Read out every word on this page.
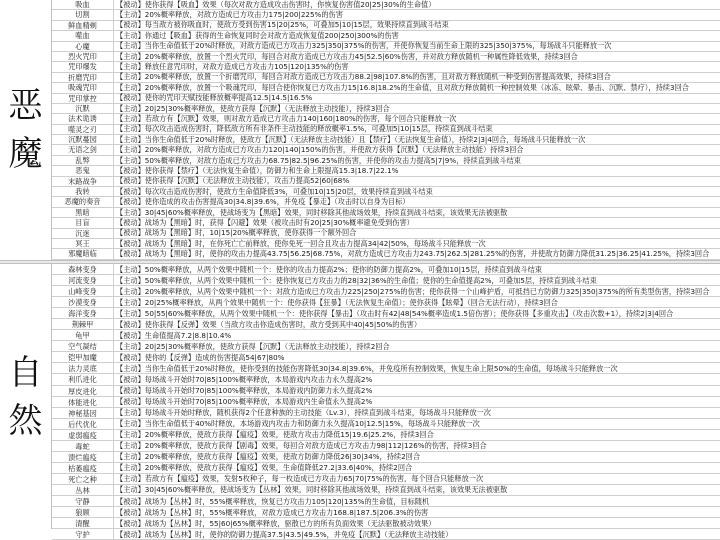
恶
魔
吸血	【被动】使你获得【吸血】效果（每次对敌方造成攻击伤害时，你恢复伤害值20|25|30%的生命值）
切割	【主动】20%概率释放，对敌方造成已方攻击力175|200|225%的伤害
鲜血精剃	【被动】每当敌方被你吸血时，使敌方受到伤害15|20|25%，可叠加5|10|15层，效果持续直到战斗结束
噬血	【主动】你通过【吸血】获得的生命恢复同时会对敌方造成恢复值200|250|300%的伤害
心魔	【主动】当你生命值低于20%时释放，对敌方造成已方攻击力325|350|375%的伤害，并使你恢复当前生命上限的325|350|375%，每场战斗只能释放一次
烈火咒印	【主动】20%概率释放，放置一个烈火咒印，每回合对敌方造成已方攻击力45|52.5|60%伤害，并对敌方释放随机一种属性降低效果，持续3回合
咒印爆发	【主动】释放任意咒印时，对敌方造成已方攻击力105|120|135%的伤害
折磨咒印	【主动】20%概率释放，放置一个折磨咒印，每回合对敌方造成已方攻击力88.2|98|107.8%的伤害，且对敌方释放随机一种受到伤害提高效果，持续3回合
吸魂咒印	【主动】20%概率释放，放置一个吸魂咒印，每回合使你恢复已方攻击力15|16.8|18.2%的生命值，且对敌方释放随机一种控制效果（冰冻、眩晕、暴击、沉默、禁疗），持续3回合
咒印掌控	【被动】使你的咒印天赋技能释放概率提高12.5|14.5|16.5%
沉默	【主动】20|25|30%概率释放，使敌方获得【沉默】（无法释放主动技能），持续3回合
法术诡诱	【主动】若敌方有【沉默】效果，则对敌方造成已方攻击力140|160|180%的伤害，每个回合只能释放一次
噬灵之刃	【主动】每次攻击造成伤害时，降低敌方所有非条件主动技能的释放概率1.5%，可叠加5|10|15层，持续直到战斗结束
沉默蔓园	【主动】当你生命值低于20%时释放，使敌方【沉默】（无法释放主动技能）且【禁疗】（无法恢复生命值），持续2|3|4回合，每场战斗只能释放一次
无语之剑	【主动】20%概率释放，对敌方造成已方攻击力120|140|150%的伤害，并使敌方获得【沉默】（无法释放主动技能）持续3回合
乱弊	【主动】50%概率释放，对敌方造成已方攻击力68.75|82.5|96.25%的伤害，并使你的攻击力提高5|7|9%，持续直到战斗结束
恶鬼	【被动】使你获得【禁疗】（无法恢复生命值），防御力和生命上限提高15.3|18.7|22.1%
末路战争	【被动】使你获得【沉默】（无法释放主动技能），攻击力提高52|60|68%
我转	【被动】每次攻击造成伤害时，使敌方生命值降低3%，可叠加10|15|20层，效果持续直到战斗结束
恶魔的奏音	【被动】使你造成的攻击伤害提高30|34.8|39.6%，并免疫【暴走】（攻击时以自身为目标）
黑暗	【主动】30|45|60%概率释放，使战场变为【黑暗】效果，同时移除其他战场效果，持续直到战斗结束，该效果无法被驱散
目盲	【被动】战场为【黑暗】时，获得【闪避】效果（被攻击时有20|25|30%概率避免受到伤害）
沉迷	【被动】战场为【黑暗】时，10|15|20%概率释放，使你获得一个额外回合
冥王	【被动】战场为【黑暗】时，在你死亡亡前释放，使你免死一回合且攻击力提高34|42|50%，每场战斗只能释放一次
邪魔暗临	【被动】战场为【黑暗】时，使你的攻击力提高43.75|56.25|68.75%，对敌方造成已方攻击力243.75|262.5|281.25%的伤害，并使敌方防御力降低31.25|36.25|41.25%，持续3回合
自
然
森林变身	【主动】50%概率释放，从两个效果中随机一个：使你的攻击力提高2%；使你的防御力提高2%，可叠加10|15层，持续直到战斗结束
河流变身	【主动】50%概率释放，从两个效果中随机一个：使你恢复已方攻击力的28|32|36%的生命值；使你的生命值提高2%，可叠加5层，持续直到战斗结束
山峰变身	【主动】20%概率释放，从两个效果中随机一个：对敌方造成已方攻击力225|250|275%的伤害；使你获得一个山峰护盾，可抵挡已方防御力325|350|375%的所有类型伤害，持续3回合
沙漠变身	【主动】20|25%概率释放，从两个效果中随机一个：使你获得【狂暴】（无法恢复生命值）；使你获得【眩晕】（回合无法行动），持续3回合
海洋变身	【主动】50|55|60%概率释放，从两个效果中随机一个：使你获得【暴击】（攻击时有42|48|54%概率造成1.5倍伤害）；使你获得【多重攻击】（攻击次数+1），持续2|3|4回合
荆棘甲	【被动】使你获得【反弹】效果（当敌方攻击你造成伤害时，敌方受到其中40|45|50%的伤害）
龟甲	【被动】生命值提高7.2|8.8|10.4%
空气凝结	【主动】20|25|30%概率释放，使敌方获得【沉默】（无法释放主动技能），持续2回合
铠甲加魔	【被动】使你的【反弹】造成的伤害提高54|67|80%
法力灵底	【主动】当你生命值低于20%时释放，使你受到的技能伤害降低30|34.8|39.6%，并免疫所有控制效果，恢复生命上限50%的生命值，每场战斗只能释放一次
利爪进化	【被动】每场战斗开始时70|85|100%概率释放，本局游戏内攻击力永久提高2%
厚皮进化	【被动】每场战斗开始时70|85|100%概率释放，本局游戏内防御力永久提高2%
体能进化	【被动】每场战斗开始时70|85|100%概率释放，本局游戏内生命值永久提高2%
神秘基因	【主动】每场战斗开始时释放，随机获得2个任意种族的主动技能（Lv.3），持续直到战斗结束，每场战斗只能释放一次
后代优化	【主动】当你生命值低于40%时释放，本场游戏内攻击力和防御力永久提高10|12.5|15%，每场战斗只能释放一次
虚弱瘟疫	【主动】20%概率释放，使敌方获得【瘟疫】效果，使敌方攻击力降低15|19.6|25.2%，持续3回合
毒蛇	【主动】20%概率释放，使敌方获得【剧毒】效果，每回合对敌方造成已方攻击力98|112|126%的伤害，持续3回合
溃烂瘟疫	【主动】20%概率释放，使敌方获得【瘟疫】效果，使敌方防御力降低26|30|34%，持续2回合
枯萎瘟疫	【主动】20%概率释放，使敌方获得【瘟疫】效果，生命值降低27.2|33.6|40%，持续2回合
死亡之种	【主动】若敌方有【瘟疫】效果，发射5枚种子，每一枚造成已方攻击力65|70|75%的伤害，每个回合只能释放一次
丛林	【主动】30|45|60%概率释放，使战场变为【丛林】效果，同时移除其他战场效果，持续直到战斗结束，该效果无法被驱散
守静	【被动】战场为【丛林】时，55%概率释放，恢复已方攻击力105|120|135%的生命值，目标随机
狼顾	【被动】战场为【丛林】时，55%概率释放，对敌方造成已方攻击力168.8|187.5|206.3%的伤害
清醒	【被动】战场为【丛林】时，55|60|65%概率释放，驱散已方的所有负面效果（无法驱散被动效果）
守护	【被动】战场为【丛林】时，使你的防御力提高37.5|43.5|49.5%，并免疫【沉默】（无法释放主动技能）
